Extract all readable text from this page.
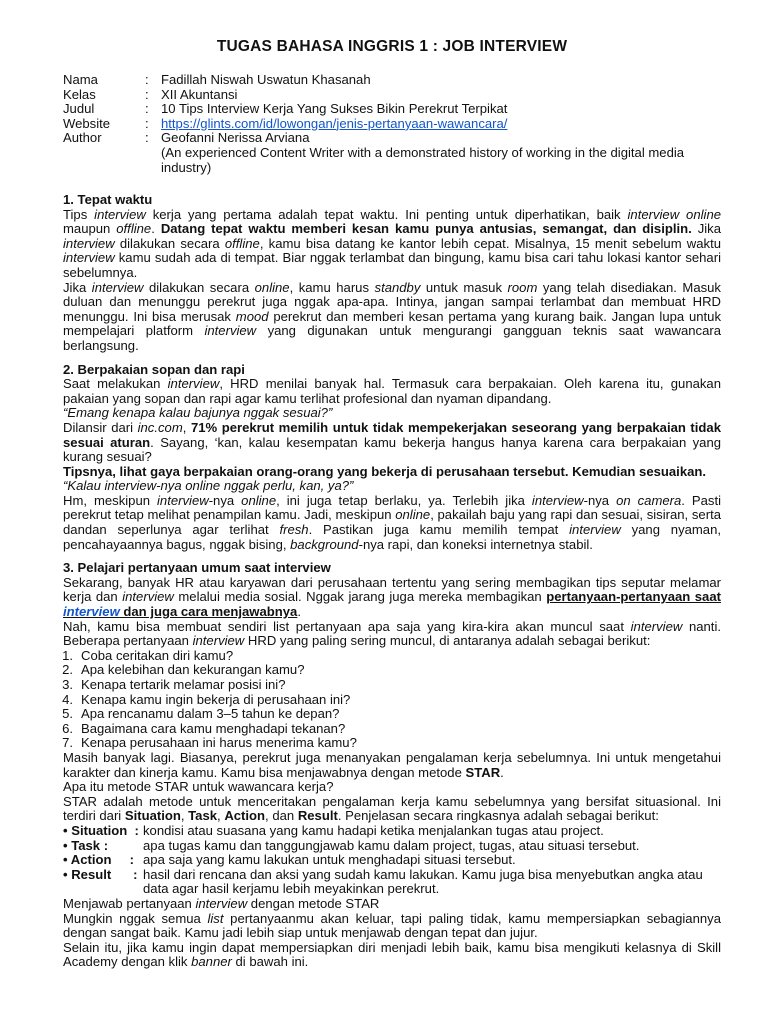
TUGAS BAHASA INGGRIS 1 : JOB INTERVIEW
Nama	: Fadillah Niswah Uswatun Khasanah
Kelas	: XII Akuntansi
Judul	: 10 Tips Interview Kerja Yang Sukses Bikin Perekrut Terpikat
Website	: https://glints.com/id/lowongan/jenis-pertanyaan-wawancara/
Author	: Geofanni Nerissa Arviana
(An experienced Content Writer with a demonstrated history of working in the digital media industry)
1. Tepat waktu

Tips interview kerja yang pertama adalah tepat waktu. Ini penting untuk diperhatikan, baik interview online maupun offline. Datang tepat waktu memberi kesan kamu punya antusias, semangat, dan disiplin. Jika interview dilakukan secara offline, kamu bisa datang ke kantor lebih cepat. Misalnya, 15 menit sebelum waktu interview kamu sudah ada di tempat. Biar nggak terlambat dan bingung, kamu bisa cari tahu lokasi kantor sehari sebelumnya.

Jika interview dilakukan secara online, kamu harus standby untuk masuk room yang telah disediakan. Masuk duluan dan menunggu perekrut juga nggak apa-apa. Intinya, jangan sampai terlambat dan membuat HRD menunggu. Ini bisa merusak mood perekrut dan memberi kesan pertama yang kurang baik. Jangan lupa untuk mempelajari platform interview yang digunakan untuk mengurangi gangguan teknis saat wawancara berlangsung.

2. Berpakaian sopan dan rapi

Saat melakukan interview, HRD menilai banyak hal. Termasuk cara berpakaian. Oleh karena itu, gunakan pakaian yang sopan dan rapi agar kamu terlihat profesional dan nyaman dipandang.

“Emang kenapa kalau bajunya nggak sesuai?”

Dilansir dari inc.com, 71% perekrut memilih untuk tidak mempekerjakan seseorang yang berpakaian tidak sesuai aturan. Sayang, ‘kan, kalau kesempatan kamu bekerja hangus hanya karena cara berpakaian yang kurang sesuai?

Tipsnya, lihat gaya berpakaian orang-orang yang bekerja di perusahaan tersebut. Kemudian sesuaikan.

“Kalau interview-nya online nggak perlu, kan, ya?”

Hm, meskipun interview-nya online, ini juga tetap berlaku, ya. Terlebih jika interview-nya on camera. Pasti perekrut tetap melihat penampilan kamu. Jadi, meskipun online, pakailah baju yang rapi dan sesuai, sisiran, serta dandan seperlunya agar terlihat fresh. Pastikan juga kamu memilih tempat interview yang nyaman, pencahayaannya bagus, nggak bising, background-nya rapi, dan koneksi internetnya stabil.

3. Pelajari pertanyaan umum saat interview

Sekarang, banyak HR atau karyawan dari perusahaan tertentu yang sering membagikan tips seputar melamar kerja dan interview melalui media sosial. Nggak jarang juga mereka membagikan pertanyaan-pertanyaan saat interview dan juga cara menjawabnya.

Nah, kamu bisa membuat sendiri list pertanyaan apa saja yang kira-kira akan muncul saat interview nanti. Beberapa pertanyaan interview HRD yang paling sering muncul, di antaranya adalah sebagai berikut:

1. Coba ceritakan diri kamu?
2. Apa kelebihan dan kekurangan kamu?
3. Kenapa tertarik melamar posisi ini?
4. Kenapa kamu ingin bekerja di perusahaan ini?
5. Apa rencanamu dalam 3–5 tahun ke depan?
6. Bagaimana cara kamu menghadapi tekanan?
7. Kenapa perusahaan ini harus menerima kamu?

Masih banyak lagi. Biasanya, perekrut juga menanyakan pengalaman kerja sebelumnya. Ini untuk mengetahui karakter dan kinerja kamu. Kamu bisa menjawabnya dengan metode STAR.

Apa itu metode STAR untuk wawancara kerja?

STAR adalah metode untuk menceritakan pengalaman kerja kamu sebelumnya yang bersifat situasional. Ini terdiri dari Situation, Task, Action, dan Result. Penjelasan secara ringkasnya adalah sebagai berikut:

• Situation  : kondisi atau suasana yang kamu hadapi ketika menjalankan tugas atau project.
• Task :	apa tugas kamu dan tanggungjawab kamu dalam project, tugas, atau situasi tersebut.
• Action     : apa saja yang kamu lakukan untuk menghadapi situasi tersebut.
• Result      : hasil dari rencana dan aksi yang sudah kamu lakukan. Kamu juga bisa menyebutkan angka atau data agar hasil kerjamu lebih meyakinkan perekrut.

Menjawab pertanyaan interview dengan metode STAR

Mungkin nggak semua list pertanyaanmu akan keluar, tapi paling tidak, kamu mempersiapkan sebagiannya dengan sangat baik. Kamu jadi lebih siap untuk menjawab dengan tepat dan jujur.

Selain itu, jika kamu ingin dapat mempersiapkan diri menjadi lebih baik, kamu bisa mengikuti kelasnya di Skill Academy dengan klik banner di bawah ini.
